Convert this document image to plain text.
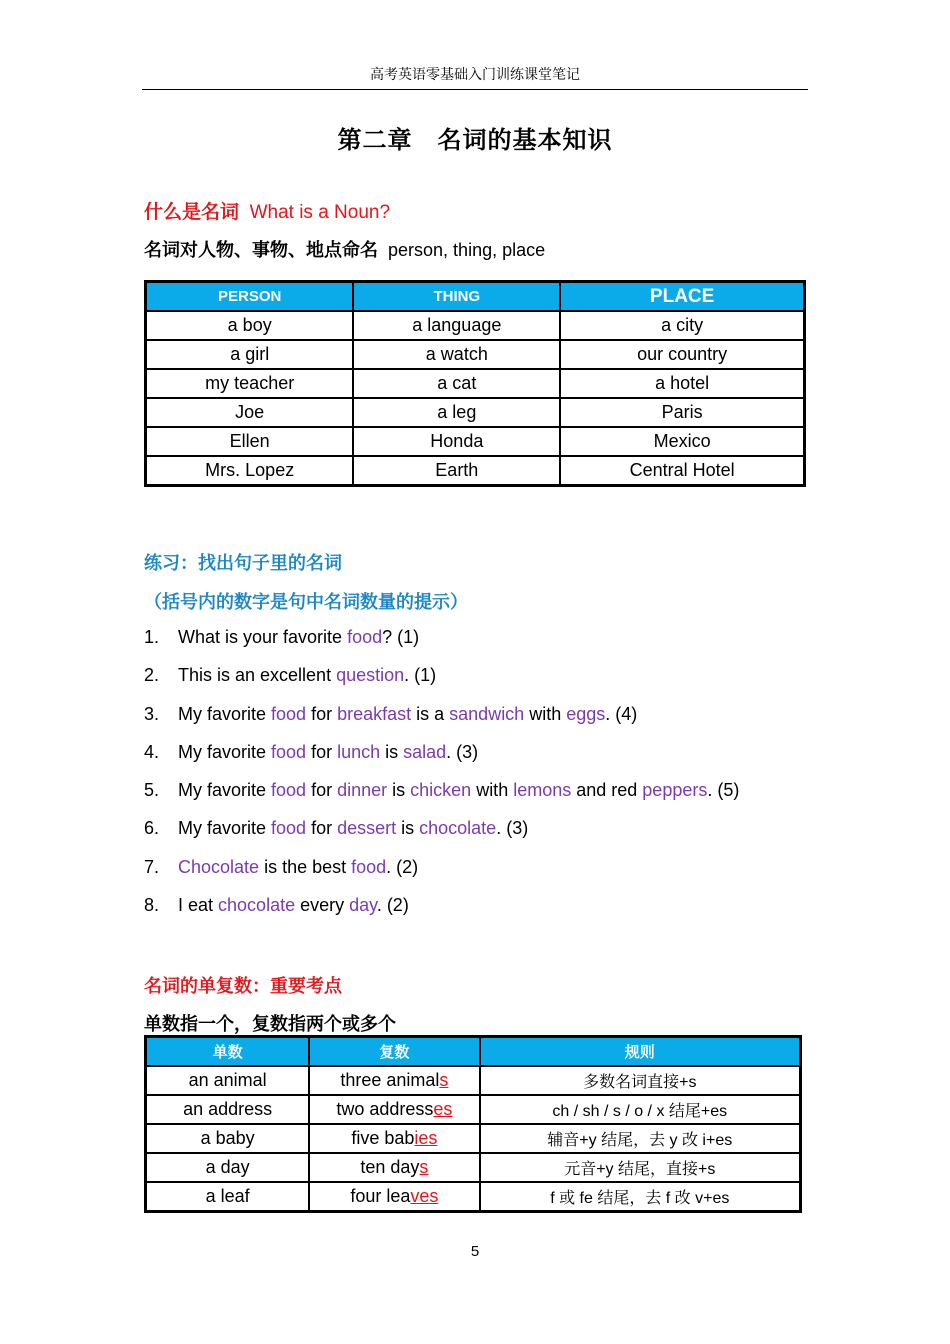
高考英语零基础入门训练课堂笔记
第二章　名词的基本知识
什么是名词 What is a Noun?
名词对人物、事物、地点命名 person, thing, place
PERSON	THING	PLACE
a boy	a language	a city
a girl	a watch	our country
my teacher	a cat	a hotel
Joe	a leg	Paris
Ellen	Honda	Mexico
Mrs. Lopez	Earth	Central Hotel
练习：找出句子里的名词
（括号内的数字是句中名词数量的提示）
1. What is your favorite food? (1)
2. This is an excellent question. (1)
3. My favorite food for breakfast is a sandwich with eggs. (4)
4. My favorite food for lunch is salad. (3)
5. My favorite food for dinner is chicken with lemons and red peppers. (5)
6. My favorite food for dessert is chocolate. (3)
7. Chocolate is the best food. (2)
8. I eat chocolate every day. (2)
名词的单复数：重要考点
单数指一个，复数指两个或多个
单数	复数	规则
an animal	three animals	多数名词直接+s
an address	two addresses	ch / sh / s / o / x 结尾+es
a baby	five babies	辅音+y 结尾，去 y 改 i+es
a day	ten days	元音+y 结尾，直接+s
a leaf	four leaves	f 或 fe 结尾，去 f 改 v+es
5
